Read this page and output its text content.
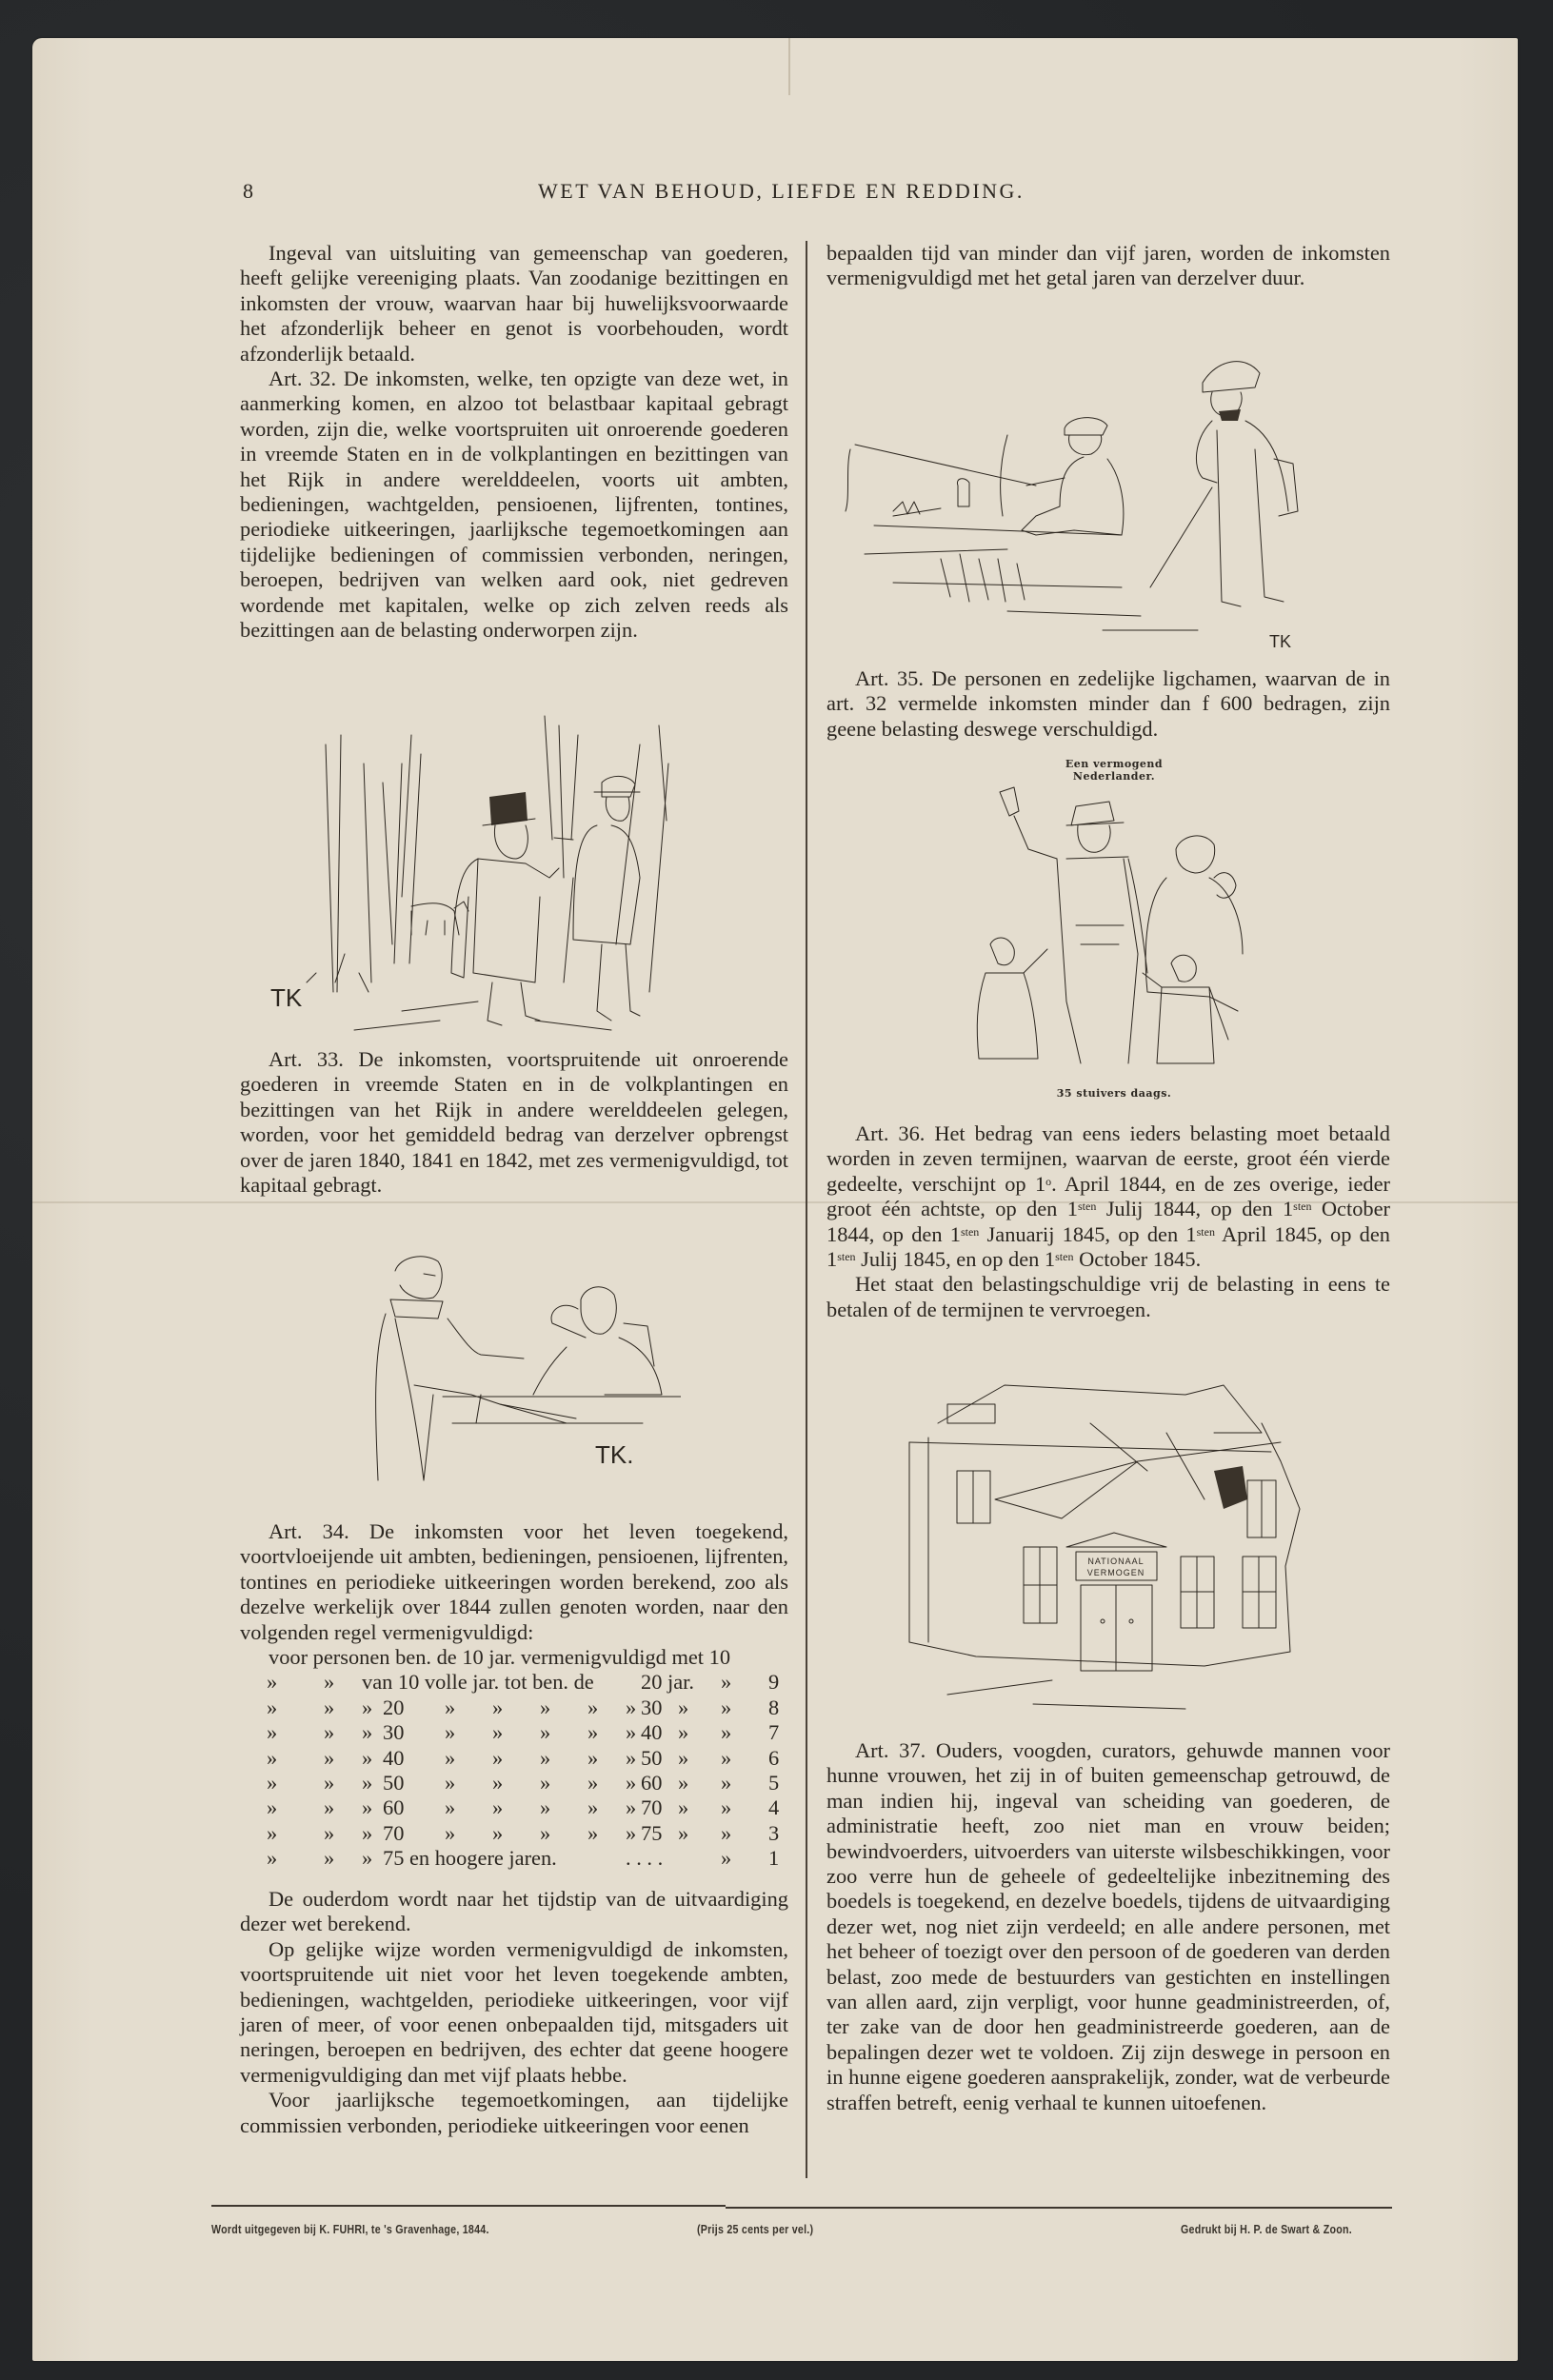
8	WET VAN BEHOUD, LIEFDE EN REDDING.

Ingeval van uitsluiting van gemeenschap van goederen, heeft gelijke vereeniging plaats. Van zoodanige bezittingen en inkomsten der vrouw, waarvan haar bij huwelijksvoorwaarde het afzonderlijk beheer en genot is voorbehouden, wordt afzonderlijk betaald.

Art. 32. De inkomsten, welke, ten opzigte van deze wet, in aanmerking komen, en alzoo tot belastbaar kapitaal gebragt worden, zijn die, welke voortspruiten uit onroerende goederen in vreemde Staten en in de volkplantingen en bezittingen van het Rijk in andere werelddeelen, voorts uit ambten, bedieningen, wachtgelden, pensioenen, lijfrenten, tontines, periodieke uitkeeringen, jaarlijksche tegemoetkomingen aan tijdelijke bedieningen of commissien verbonden, neringen, beroepen, bedrijven van welken aard ook, niet gedreven wordende met kapitalen, welke op zich zelven reeds als bezittingen aan de belasting onderworpen zijn.

TK

Art. 33. De inkomsten, voortspruitende uit onroerende goederen in vreemde Staten en in de volkplantingen en bezittingen van het Rijk in andere werelddeelen gelegen, worden, voor het gemiddeld bedrag van derzelver opbrengst over de jaren 1840, 1841 en 1842, met zes vermenigvuldigd, tot kapitaal gebragt.

TK.

Art. 34. De inkomsten voor het leven toegekend, voortvloeijende uit ambten, bedieningen, pensioenen, lijfrenten, tontines en periodieke uitkeeringen worden berekend, zoo als dezelve werkelijk over 1844 zullen genoten worden, naar den volgenden regel vermenigvuldigd:

voor personen ben. de 10 jar. vermenigvuldigd met 10
» » van 10 volle jar. tot ben. de 20 jar. » 9
» » » 20 » » » » » 30 » » 8
» » » 30 » » » » » 40 » » 7
» » » 40 » » » » » 50 » » 6
» » » 50 » » » » » 60 » » 5
» » » 60 » » » » » 70 » » 4
» » » 70 » » » » » 75 » » 3
» » » 75 en hoogere jaren.	. . . .	» 1

De ouderdom wordt naar het tijdstip van de uitvaardiging dezer wet berekend.

Op gelijke wijze worden vermenigvuldigd de inkomsten, voortspruitende uit niet voor het leven toegekende ambten, bedieningen, wachtgelden, periodieke uitkeeringen, voor vijf jaren of meer, of voor eenen onbepaalden tijd, mitsgaders uit neringen, beroepen en bedrijven, des echter dat geene hoogere vermenigvuldiging dan met vijf plaats hebbe.

Voor jaarlijksche tegemoetkomingen, aan tijdelijke commissien verbonden, periodieke uitkeeringen voor eenen

bepaalden tijd van minder dan vijf jaren, worden de inkomsten vermenigvuldigd met het getal jaren van derzelver duur.

TK

Art. 35. De personen en zedelijke ligchamen, waarvan de in art. 32 vermelde inkomsten minder dan f 600 bedragen, zijn geene belasting deswege verschuldigd.

Een vermogend Nederlander.
35 stuivers daags.

Art. 36. Het bedrag van eens ieders belasting moet betaald worden in zeven termijnen, waarvan de eerste, groot één vierde gedeelte, verschijnt op 1$^o$. April 1844, en de zes overige, ieder groot één achtste, op den $1^{sten}$ Julij 1844, op den $1^{sten}$ October 1844, op den $1^{sten}$ Januarij 1845, op den $1^{sten}$ April 1845, op den $1^{sten}$ Julij 1845, en op den $1^{sten}$ October 1845.

Het staat den belastingschuldige vrij de belasting in eens te betalen of de termijnen te vervroegen.

NATIONAAL
VERMOGEN

Art. 37. Ouders, voogden, curators, gehuwde mannen voor hunne vrouwen, het zij in of buiten gemeenschap getrouwd, de man indien hij, ingeval van scheiding van goederen, de administratie heeft, zoo niet man en vrouw beiden; bewindvoerders, uitvoerders van uiterste wilsbeschikkingen, voor zoo verre hun de geheele of gedeeltelijke inbezitneming des boedels is toegekend, en dezelve boedels, tijdens de uitvaardiging dezer wet, nog niet zijn verdeeld; en alle andere personen, met het beheer of toezigt over den persoon of de goederen van derden belast, zoo mede de bestuurders van gestichten en instellingen van allen aard, zijn verpligt, voor hunne geadministreerden, of, ter zake van de door hen geadministreerde goederen, aan de bepalingen dezer wet te voldoen. Zij zijn deswege in persoon en in hunne eigene goederen aansprakelijk, zonder, wat de verbeurde straffen betreft, eenig verhaal te kunnen uitoefenen.

Wordt uitgegeven bij K. FUHRI, te 's Gravenhage, 1844.	(Prijs 25 cents per vel.)	Gedrukt bij H. P. de Swart & Zoon.
